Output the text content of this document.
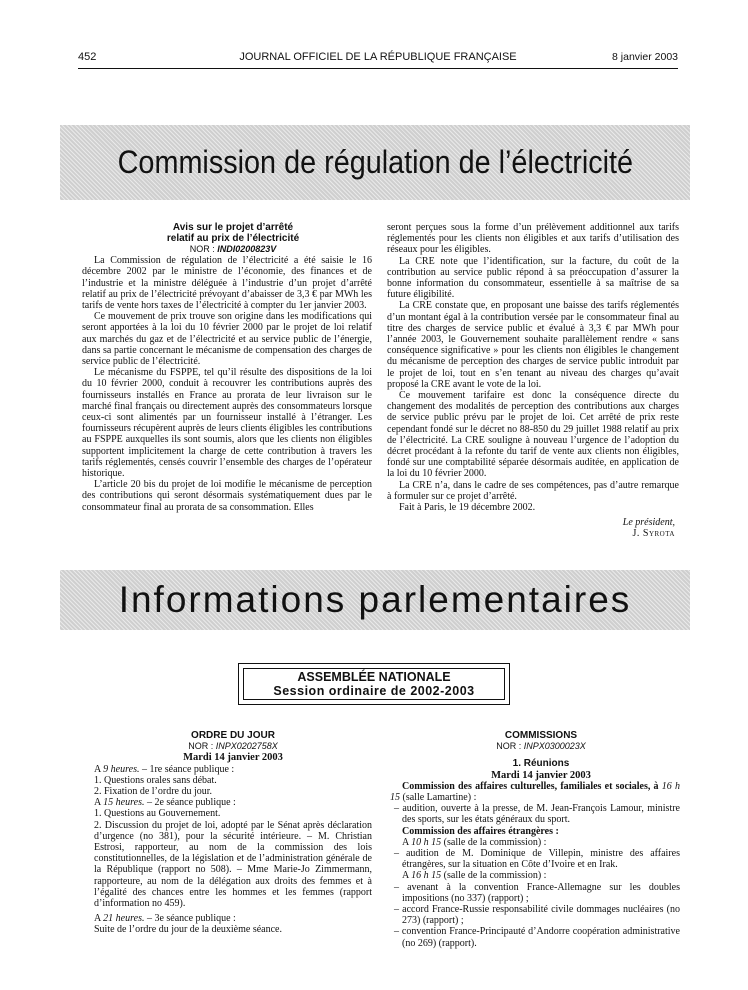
452	JOURNAL OFFICIEL DE LA RÉPUBLIQUE FRANÇAISE	8 janvier 2003
Commission de régulation de l’électricité

Avis sur le projet d’arrêté

relatif au prix de l’électricité

NOR : INDI0200823V

La Commission de régulation de l’électricité a été saisie le 16 décembre 2002 par le ministre de l’économie, des finances et de l’industrie et la ministre déléguée à l’industrie d’un projet d’arrêté relatif au prix de l’électricité prévoyant d’abaisser de 3,3 € par MWh les tarifs de vente hors taxes de l’électricité à compter du 1er janvier 2003.

Ce mouvement de prix trouve son origine dans les modifications qui seront apportées à la loi du 10 février 2000 par le projet de loi relatif aux marchés du gaz et de l’électricité et au service public de l’énergie, dans sa partie concernant le mécanisme de compensation des charges de service public de l’électricité.

Le mécanisme du FSPPE, tel qu’il résulte des dispositions de la loi du 10 février 2000, conduit à recouvrer les contributions auprès des fournisseurs installés en France au prorata de leur livraison sur le marché final français ou directement auprès des consommateurs lorsque ceux-ci sont alimentés par un fournisseur installé à l’étranger. Les fournisseurs récupèrent auprès de leurs clients éligibles les contributions au FSPPE auxquelles ils sont soumis, alors que les clients non éligibles supportent implicitement la charge de cette contribution à travers les tarifs réglementés, censés couvrir l’ensemble des charges de l’opérateur historique.

L’article 20 bis du projet de loi modifie le mécanisme de perception des contributions qui seront désormais systématiquement dues par le consommateur final au prorata de sa consommation. Elles

seront perçues sous la forme d’un prélèvement additionnel aux tarifs réglementés pour les clients non éligibles et aux tarifs d’utilisation des réseaux pour les éligibles.

La CRE note que l’identification, sur la facture, du coût de la contribution au service public répond à sa préoccupation d’assurer la bonne information du consommateur, essentielle à sa maîtrise de sa future éligibilité.

La CRE constate que, en proposant une baisse des tarifs réglementés d’un montant égal à la contribution versée par le consommateur final au titre des charges de service public et évalué à 3,3 € par MWh pour l’année 2003, le Gouvernement souhaite parallèlement rendre « sans conséquence significative » pour les clients non éligibles le changement du mécanisme de perception des charges de service public introduit par le projet de loi, tout en s’en tenant au niveau des charges qu’avait proposé la CRE avant le vote de la loi.

Ce mouvement tarifaire est donc la conséquence directe du changement des modalités de perception des contributions aux charges de service public prévu par le projet de loi. Cet arrêté de prix reste cependant fondé sur le décret no 88-850 du 29 juillet 1988 relatif au prix de l’électricité. La CRE souligne à nouveau l’urgence de l’adoption du décret procédant à la refonte du tarif de vente aux clients non éligibles, fondé sur une comptabilité séparée désormais auditée, en application de la loi du 10 février 2000.

La CRE n’a, dans le cadre de ses compétences, pas d’autre remarque à formuler sur ce projet d’arrêté.

Fait à Paris, le 19 décembre 2002.

Le président,
J. Syrota
Informations parlementaires
ASSEMBLÉE NATIONALE
Session ordinaire de 2002-2003

ORDRE DU JOUR

NOR : INPX0202758X

Mardi 14 janvier 2003

A 9 heures. – 1re séance publique :

1. Questions orales sans débat.

2. Fixation de l’ordre du jour.

A 15 heures. – 2e séance publique :

1. Questions au Gouvernement.

2. Discussion du projet de loi, adopté par le Sénat après déclaration d’urgence (no 381), pour la sécurité intérieure. – M. Christian Estrosi, rapporteur, au nom de la commission des lois constitutionnelles, de la législation et de l’administration générale de la République (rapport no 508). – Mme Marie-Jo Zimmermann, rapporteure, au nom de la délégation aux droits des femmes et à l’égalité des chances entre les hommes et les femmes (rapport d’information no 459).

A 21 heures. – 3e séance publique :

Suite de l’ordre du jour de la deuxième séance.

COMMISSIONS

NOR : INPX0300023X

1. Réunions

Mardi 14 janvier 2003

Commission des affaires culturelles, familiales et sociales, à 16 h 15 (salle Lamartine) :

– audition, ouverte à la presse, de M. Jean-François Lamour, ministre des sports, sur les états généraux du sport.

Commission des affaires étrangères :

A 10 h 15 (salle de la commission) :

– audition de M. Dominique de Villepin, ministre des affaires étrangères, sur la situation en Côte d’Ivoire et en Irak.

A 16 h 15 (salle de la commission) :

– avenant à la convention France-Allemagne sur les doubles impositions (no 337) (rapport) ;

– accord France-Russie responsabilité civile dommages nucléaires (no 273) (rapport) ;

– convention France-Principauté d’Andorre coopération administrative (no 269) (rapport).
